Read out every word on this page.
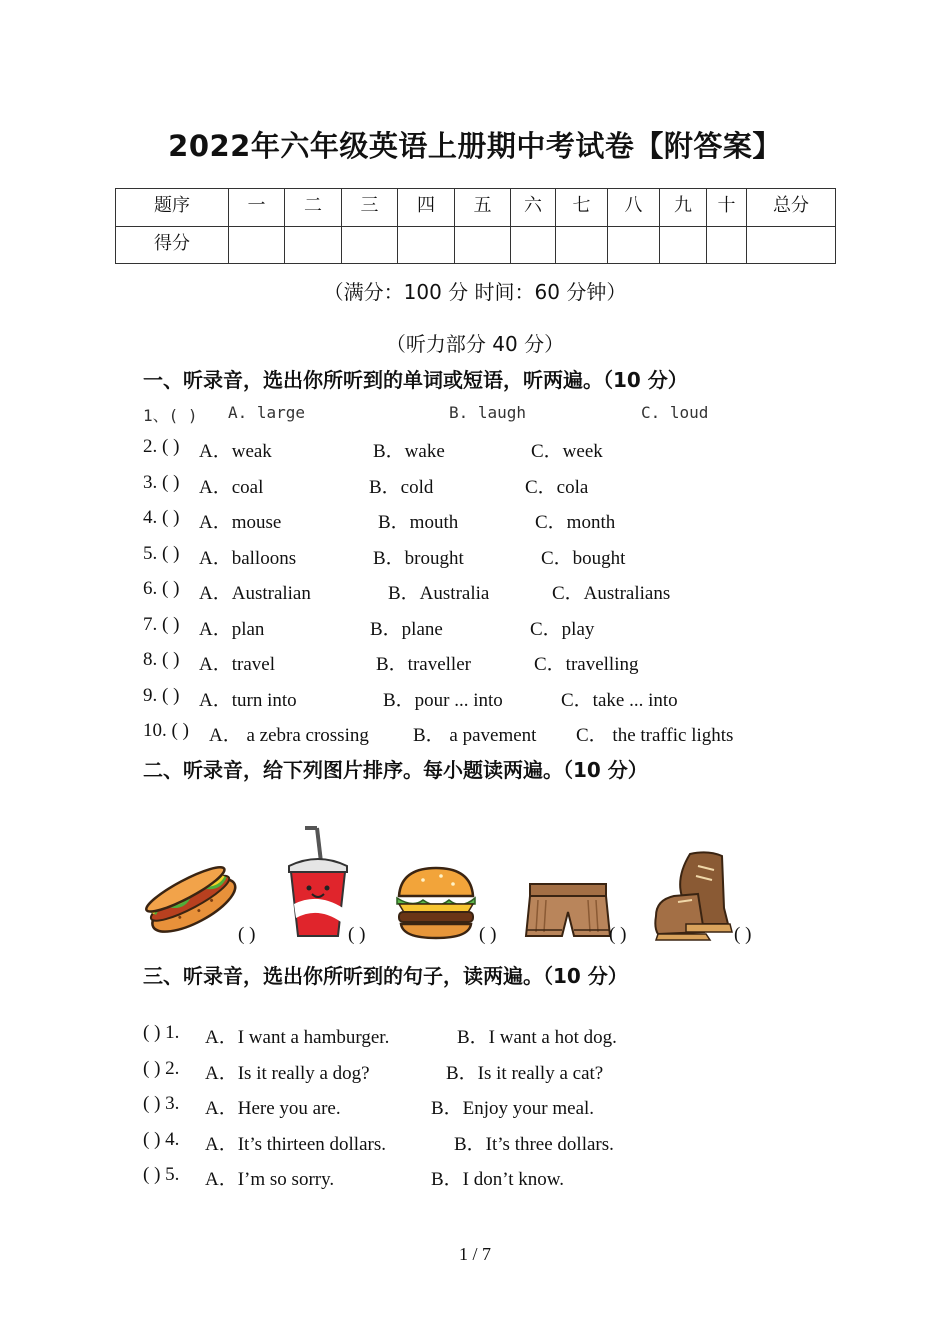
2022年六年级英语上册期中考试卷【附答案】
题序	一	二	三	四	五	六	七	八	九	十	总分
得分											
（满分：100 分 时间：60 分钟）
（听力部分 40 分）
一、听录音，选出你所听到的单词或短语，听两遍。（10 分）
1、( ) A. large	B. laugh	C. loud
2. ( ) A．weak	B．wake	C．week
3. ( ) A．coal	B．cold	C．cola
4. ( ) A．mouse	B．mouth	C．month
5. ( ) A．balloons	B．brought	C．bought
6. ( ) A．Australian	B．Australia	C．Australians
7. ( ) A．plan	B．plane	C．play
8. ( ) A．travel	B．traveller	C．travelling
9. ( ) A．turn into	B．pour ... into	C．take ... into
10. ( ) A． a zebra crossing B． a pavement C． the traffic lights
二、听录音，给下列图片排序。每小题读两遍。（10 分）
( )	( )	( )	( )	( )
三、听录音，选出你所听到的句子，读两遍。（10 分）
( ) 1. A．I want a hamburger.	B．I want a hot dog.
( ) 2. A．Is it really a dog?	B．Is it really a cat?
( ) 3. A．Here you are.	B．Enjoy your meal.
( ) 4. A．It’s thirteen dollars.	B．It’s three dollars.
( ) 5. A．I’m so sorry.	B．I don’t know.
1 / 7
